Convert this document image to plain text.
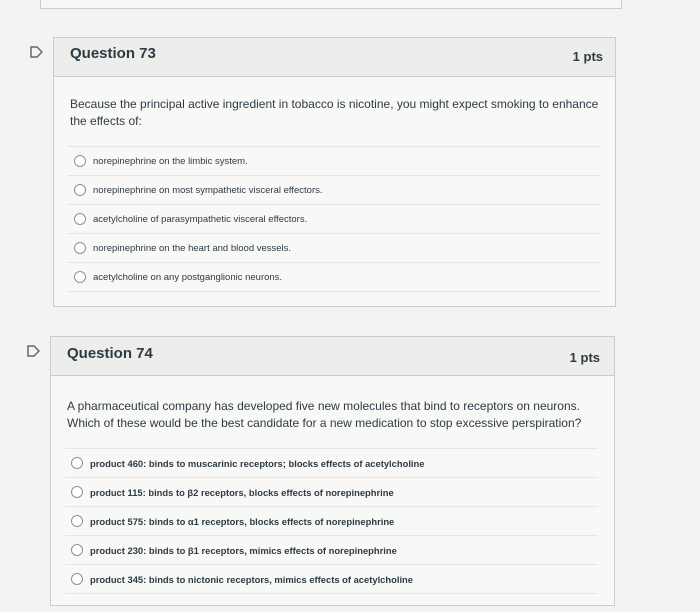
Question 73	1 pts
Because the principal active ingredient in tobacco is nicotine, you might expect smoking to enhance the effects of:
norepinephrine on the limbic system.
norepinephrine on most sympathetic visceral effectors.
acetylcholine of parasympathetic visceral effectors.
norepinephrine on the heart and blood vessels.
acetylcholine on any postganglionic neurons.
Question 74	1 pts
A pharmaceutical company has developed five new molecules that bind to receptors on neurons. Which of these would be the best candidate for a new medication to stop excessive perspiration?
product 460: binds to muscarinic receptors; blocks effects of acetylcholine
product 115: binds to β2 receptors, blocks effects of norepinephrine
product 575: binds to α1 receptors, blocks effects of norepinephrine
product 230: binds to β1 receptors, mimics effects of norepinephrine
product 345: binds to nictonic receptors, mimics effects of acetylcholine
